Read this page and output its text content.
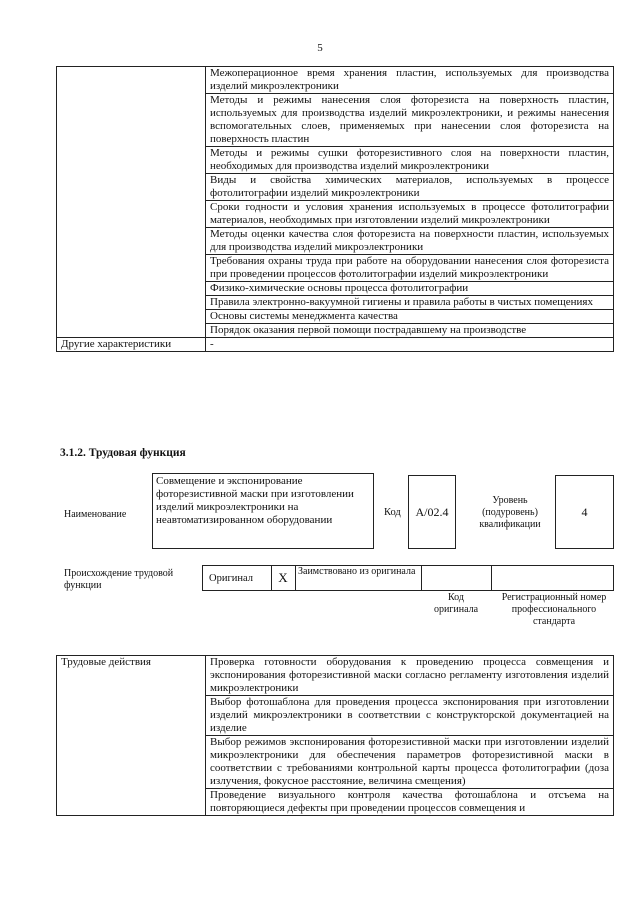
5
	Межоперационное время хранения пластин, используемых для производства изделий микроэлектроники
	Методы и режимы нанесения слоя фоторезиста на поверхность пластин, используемых для производства изделий микроэлектроники, и режимы нанесения вспомогательных слоев, применяемых при нанесении слоя фоторезиста на поверхность пластин
	Методы и режимы сушки фоторезистивного слоя на поверхности пластин, необходимых для производства изделий микроэлектроники
	Виды и свойства химических материалов, используемых в процессе фотолитографии изделий микроэлектроники
	Сроки годности и условия хранения используемых в процессе фотолитографии материалов, необходимых при изготовлении изделий микроэлектроники
	Методы оценки качества слоя фоторезиста на поверхности пластин, используемых для производства изделий микроэлектроники
	Требования охраны труда при работе на оборудовании нанесения слоя фоторезиста при проведении процессов фотолитографии изделий микроэлектроники
	Физико-химические основы процесса фотолитографии
	Правила электронно-вакуумной гигиены и правила работы в чистых помещениях
	Основы системы менеджмента качества
	Порядок оказания первой помощи пострадавшему на производстве
Другие характеристики	-
3.1.2. Трудовая функция
Наименование
Совмещение и экспонирование фоторезистивной маски при изготовлении изделий микроэлектроники на неавтоматизированном оборудовании
Код	A/02.4
Уровень (подуровень) квалификации
4
Происхождение трудовой функции
Оригинал	X	Заимствовано из оригинала
Код оригинала
Регистрационный номер профессионального стандарта
Трудовые действия	Проверка готовности оборудования к проведению процесса совмещения и экспонирования фоторезистивной маски согласно регламенту изготовления изделий микроэлектроники
Выбор фотошаблона для проведения процесса экспонирования при изготовлении изделий микроэлектроники в соответствии с конструкторской документацией на изделие
Выбор режимов экспонирования фоторезистивной маски при изготовлении изделий микроэлектроники для обеспечения параметров фоторезистивной маски в соответствии с требованиями контрольной карты процесса фотолитографии (доза излучения, фокусное расстояние, величина смещения)
Проведение визуального контроля качества фотошаблона и отсъема на повторяющиеся дефекты при проведении процессов совмещения и
